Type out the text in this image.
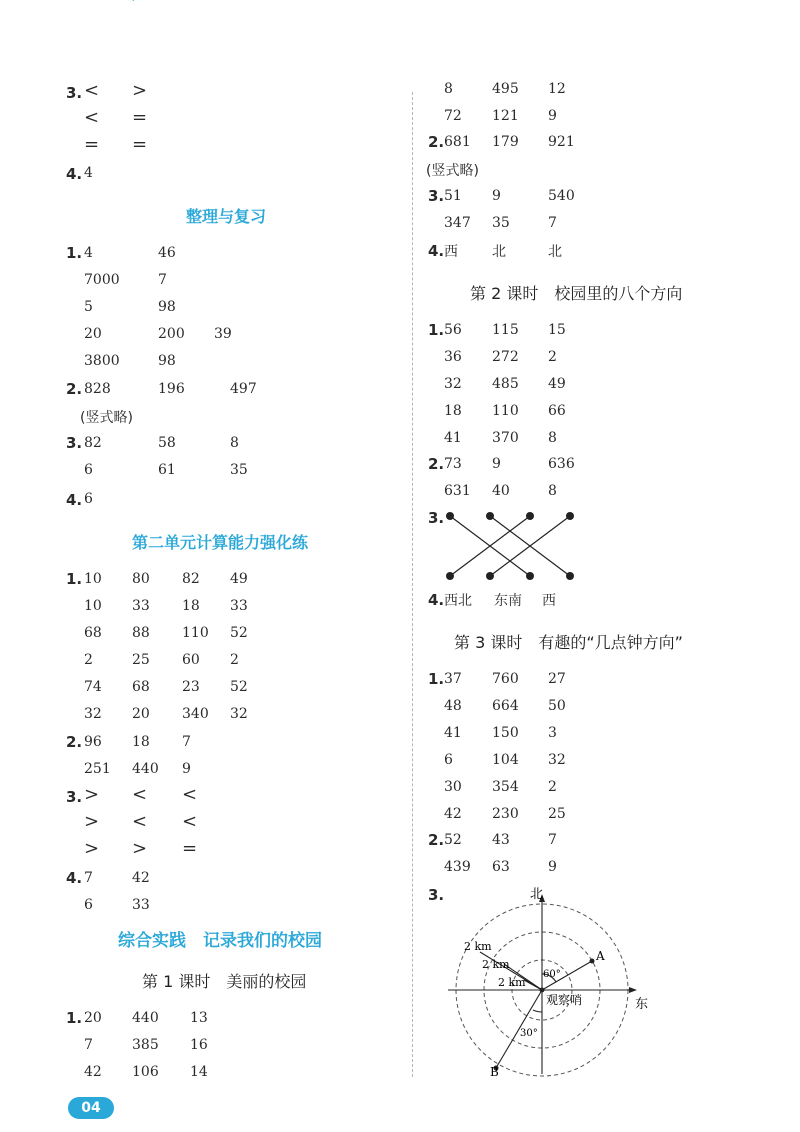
3. < >
< =
= =
4. 4
整理与复习
1. 4	46
7000	7
5	98
20	200 39
3800	98
2. 828	196	497
(竖式略)
3. 82	58	8
6	61	35
4. 6
第二单元计算能力强化练
1. 10 80 82 49
10 33 18 33
68 88 110 52
2	25 60 2
74 68 23 52
32 20 340 32
2. 96 18 7
251 440 9
3. > < <
> < <
> > =
4. 7	42
6	33
综合实践　记录我们的校园
第 1 课时　美丽的校园
1. 20 440 13
7	385 16
42 106 14
04
8	495 12
72 121 9
2. 681 179 921
(竖式略)
3. 51 9	540
347 35	7
4. 西 北	北
第 2 课时　校园里的八个方向
1. 56 115 15
36 272 2
32 485 49
18 110 66
41 370 8
2. 73 9	636
631 40	8
3.
4. 西北 东南 西
第 3 课时　有趣的“几点钟方向”
1. 37 760 27
48 664 50
41 150 3
6	104 32
30 354 2
42 230 25
2. 52 43	7
439 63	9
3.	北
东
观察哨
A
B
60°
30°
2 km
2 km
2 km
